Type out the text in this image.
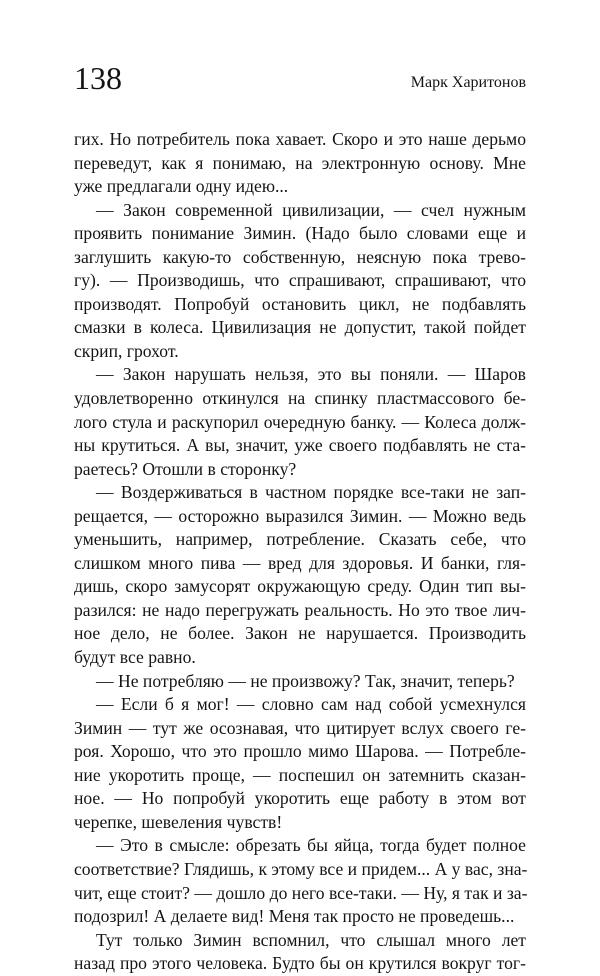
138	Марк Харитонов
гих. Но потребитель пока хавает. Скоро и это наше дерьмо
переведут, как я понимаю, на электронную основу. Мне
уже предлагали одну идею...
— Закон современной цивилизации, — счел нужным
проявить понимание Зимин. (Надо было словами еще и
заглушить какую-то собственную, неясную пока трево-
гу). — Производишь, что спрашивают, спрашивают, что
производят. Попробуй остановить цикл, не подбавлять
смазки в колеса. Цивилизация не допустит, такой пойдет
скрип, грохот.
— Закон нарушать нельзя, это вы поняли. — Шаров
удовлетворенно откинулся на спинку пластмассового бе-
лого стула и раскупорил очередную банку. — Колеса долж-
ны крутиться. А вы, значит, уже своего подбавлять не ста-
раетесь? Отошли в сторонку?
— Воздерживаться в частном порядке все-таки не зап-
рещается, — осторожно выразился Зимин. — Можно ведь
уменьшить, например, потребление. Сказать себе, что
слишком много пива — вред для здоровья. И банки, гля-
дишь, скоро замусорят окружающую среду. Один тип вы-
разился: не надо перегружать реальность. Но это твое лич-
ное дело, не более. Закон не нарушается. Производить
будут все равно.
— Не потребляю — не произвожу? Так, значит, теперь?
— Если б я мог! — словно сам над собой усмехнулся
Зимин — тут же осознавая, что цитирует вслух своего ге-
роя. Хорошо, что это прошло мимо Шарова. — Потребле-
ние укоротить проще, — поспешил он затемнить сказан-
ное. — Но попробуй укоротить еще работу в этом вот
черепке, шевеления чувств!
— Это в смысле: обрезать бы яйца, тогда будет полное
соответствие? Глядишь, к этому все и придем... А у вас, зна-
чит, еще стоит? — дошло до него все-таки. — Ну, я так и за-
подозрил! А делаете вид! Меня так просто не проведешь...
Тут только Зимин вспомнил, что слышал много лет
назад про этого человека. Будто бы он крутился вокруг тог-
